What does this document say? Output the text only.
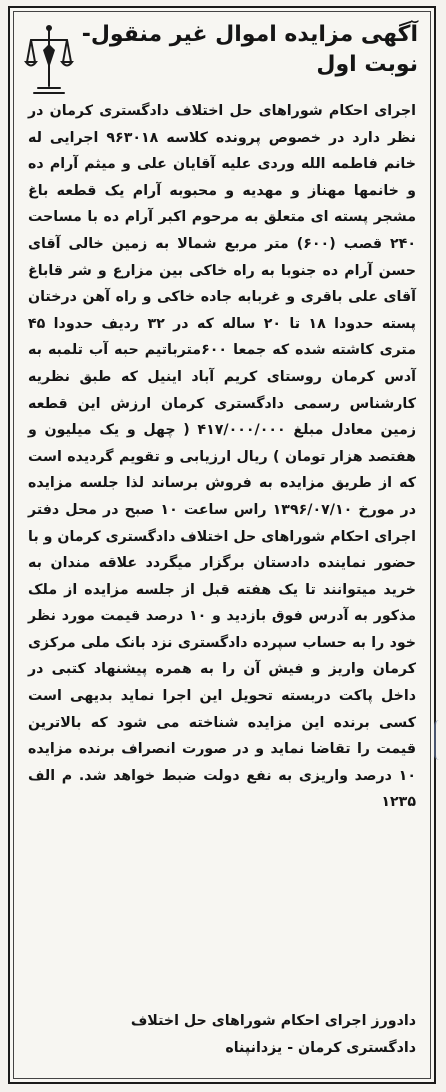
آگهی مزایده اموال غیر منقول-
نوبت اول

اجرای احکام شوراهای حل اختلاف دادگستری کرمان در نظر دارد در خصوص پرونده کلاسه ۹۶۳۰۱۸ اجرایی له خانم فاطمه الله وردی علیه آقایان علی و میثم آرام ده و خانمها مهناز و مهدیه و محبوبه آرام یک قطعه باغ مشجر پسته ای متعلق به مرحوم اکبر آرام ده با مساحت ۲۴۰ قصب (۶۰۰) متر مربع شمالا به زمین خالی آقای حسن آرام ده جنوبا به راه خاکی بین مزارع و شر قاباغ آقای علی باقری و غربابه جاده خاکی و راه آهن درختان پسته حدودا ۱۸ تا ۲۰ ساله که در ۳۲ ردیف حدودا ۴۵ متری کاشته شده که جمعا ۶۰۰مترباتیم حبه آب تلمبه به آدس کرمان روستای کریم آباد اینیل که طبق نظریه کارشناس رسمی دادگستری کرمان ارزش این قطعه زمین معادل مبلغ ۴۱۷/۰۰۰/۰۰۰ ( چهل و یک میلیون و هفتصد هزار تومان ) ریال ارزیابی و تقویم گردیده است که از طریق مزایده به فروش برساند لذا جلسه مزایده در مورخ ۱۳۹۶/۰۷/۱۰ راس ساعت ۱۰ صبح در محل دفتر اجرای احکام شوراهای حل اختلاف دادگستری کرمان و با حضور نماینده دادستان برگزار میگردد علاقه مندان به خرید میتوانند تا یک هفته قبل از جلسه مزایده از ملک مذکور به آدرس فوق بازدید و ۱۰ درصد قیمت مورد نظر خود را به حساب سپرده دادگستری نزد بانک ملی مرکزی کرمان واریز و فیش آن را به همره پیشنهاد کتبی در داخل پاکت دربسته تحویل این اجرا نماید بدیهی است کسی برنده این مزایده شناخته می شود که بالاترین قیمت را تقاضا نماید و در صورت انصراف برنده مزایده ۱۰ درصد واریزی به نفع دولت ضبط خواهد شد. م الف ۱۲۳۵

دادورز اجرای احکام شوراهای حل اختلاف
دادگستری کرمان - یزدانپناه
